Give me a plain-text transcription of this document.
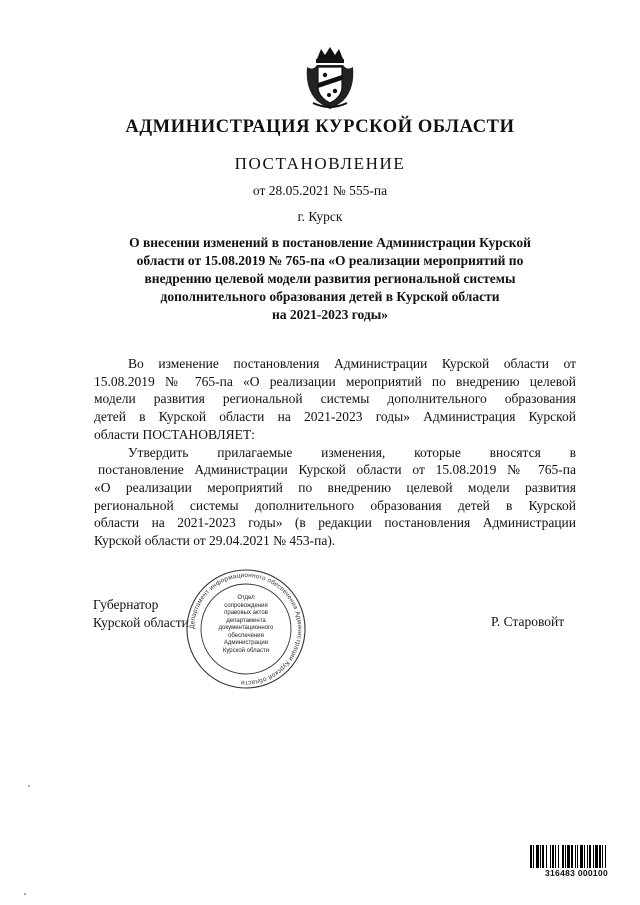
АДМИНИСТРАЦИЯ КУРСКОЙ ОБЛАСТИ
ПОСТАНОВЛЕНИЕ
от 28.05.2021 № 555-па
г. Курск
О внесении изменений в постановление Администрации Курской
области от 15.08.2019 № 765-па «О реализации мероприятий по
внедрению целевой модели развития региональной системы
дополнительного образования детей в Курской области
на 2021-2023 годы»
Во изменение постановления Администрации Курской области от
15.08.2019 № 765-па «О реализации мероприятий по внедрению целевой
модели развития региональной системы дополнительного образования
детей в Курской области на 2021-2023 годы» Администрация Курской
области ПОСТАНОВЛЯЕТ:
Утвердить прилагаемые изменения, которые вносятся в
постановление Администрации Курской области от 15.08.2019 № 765-па
«О реализации мероприятий по внедрению целевой модели развития
региональной системы дополнительного образования детей в Курской
области на 2021-2023 годы» (в редакции постановления Администрации
Курской области от 29.04.2021 № 453-па).
Губернатор
Курской области	Р. Старовойт
Департамент информационного обеспечения Администрации Курской области
Отдел
сопровождения
правовых актов
департамента
документационного
обеспечения
Администрации
Курской области
316483 000100
